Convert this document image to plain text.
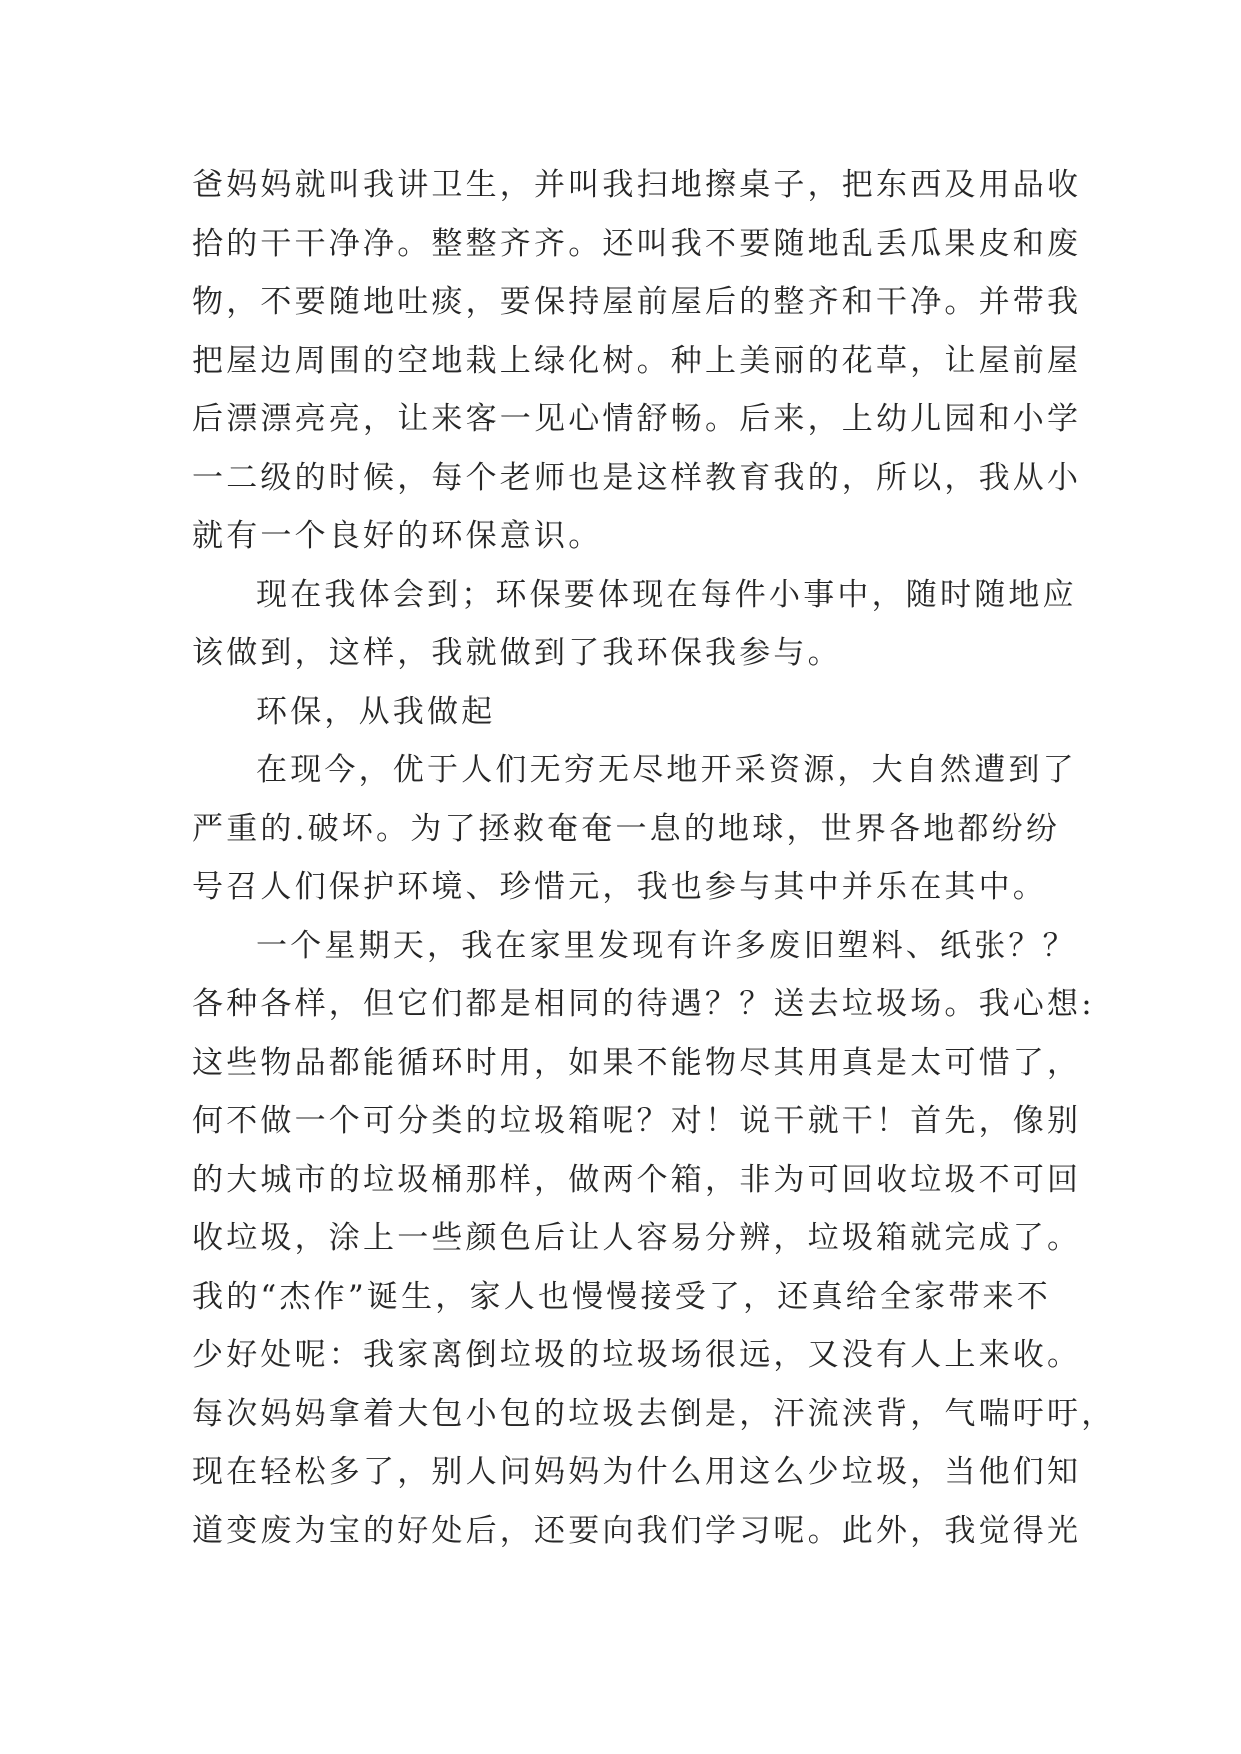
爸妈妈就叫我讲卫生，并叫我扫地擦桌子，把东西及用品收
拾的干干净净。整整齐齐。还叫我不要随地乱丢瓜果皮和废
物，不要随地吐痰，要保持屋前屋后的整齐和干净。并带我
把屋边周围的空地栽上绿化树。种上美丽的花草，让屋前屋
后漂漂亮亮，让来客一见心情舒畅。后来，上幼儿园和小学
一二级的时候，每个老师也是这样教育我的，所以，我从小
就有一个良好的环保意识。
现在我体会到；环保要体现在每件小事中，随时随地应
该做到，这样，我就做到了我环保我参与。
环保，从我做起
在现今，优于人们无穷无尽地开采资源，大自然遭到了
严重的.破坏。为了拯救奄奄一息的地球，世界各地都纷纷
号召人们保护环境、珍惜元，我也参与其中并乐在其中。
一个星期天，我在家里发现有许多废旧塑料、纸张？？
各种各样，但它们都是相同的待遇？？送去垃圾场。我心想:
这些物品都能循环时用，如果不能物尽其用真是太可惜了，
何不做一个可分类的垃圾箱呢？对！说干就干！首先，像别
的大城市的垃圾桶那样，做两个箱，非为可回收垃圾不可回
收垃圾，涂上一些颜色后让人容易分辨，垃圾箱就完成了。
我的“杰作”诞生，家人也慢慢接受了，还真给全家带来不
少好处呢：我家离倒垃圾的垃圾场很远，又没有人上来收。
每次妈妈拿着大包小包的垃圾去倒是，汗流浃背，气喘吁吁，
现在轻松多了，别人问妈妈为什么用这么少垃圾，当他们知
道变废为宝的好处后，还要向我们学习呢。此外，我觉得光
